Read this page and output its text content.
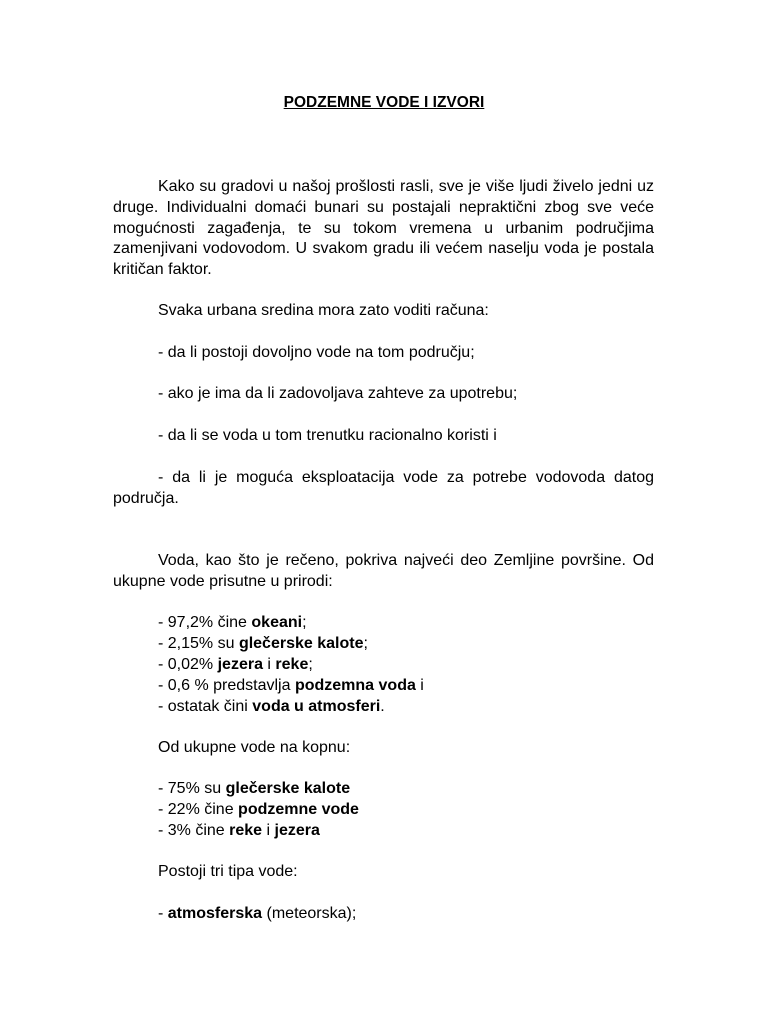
PODZEMNE VODE I IZVORI
Kako su gradovi u našoj prošlosti rasli, sve je više ljudi živelo jedni uz druge. Individualni domaći bunari su postajali nepraktični zbog sve veće mogućnosti zagađenja, te su tokom vremena u urbanim područjima zamenjivani vodovodom. U svakom gradu ili većem naselju voda je postala kritičan faktor.
Svaka urbana sredina mora zato voditi računa:
- da li postoji dovoljno vode na tom području;
- ako je ima da li zadovoljava zahteve za upotrebu;
- da li se voda u tom trenutku racionalno koristi i
- da li je moguća eksploatacija vode za potrebe vodovoda datog područja.
Voda, kao što je rečeno, pokriva najveći deo Zemljine površine. Od ukupne vode prisutne u prirodi:
- 97,2% čine okeani;
- 2,15% su glečerske kalote;
- 0,02% jezera i reke;
- 0,6 % predstavlja podzemna voda i
- ostatak čini voda u atmosferi.
Od ukupne vode na kopnu:
- 75% su glečerske kalote
- 22% čine podzemne vode
- 3% čine reke i jezera
Postoji tri tipa vode:
- atmosferska (meteorska);
